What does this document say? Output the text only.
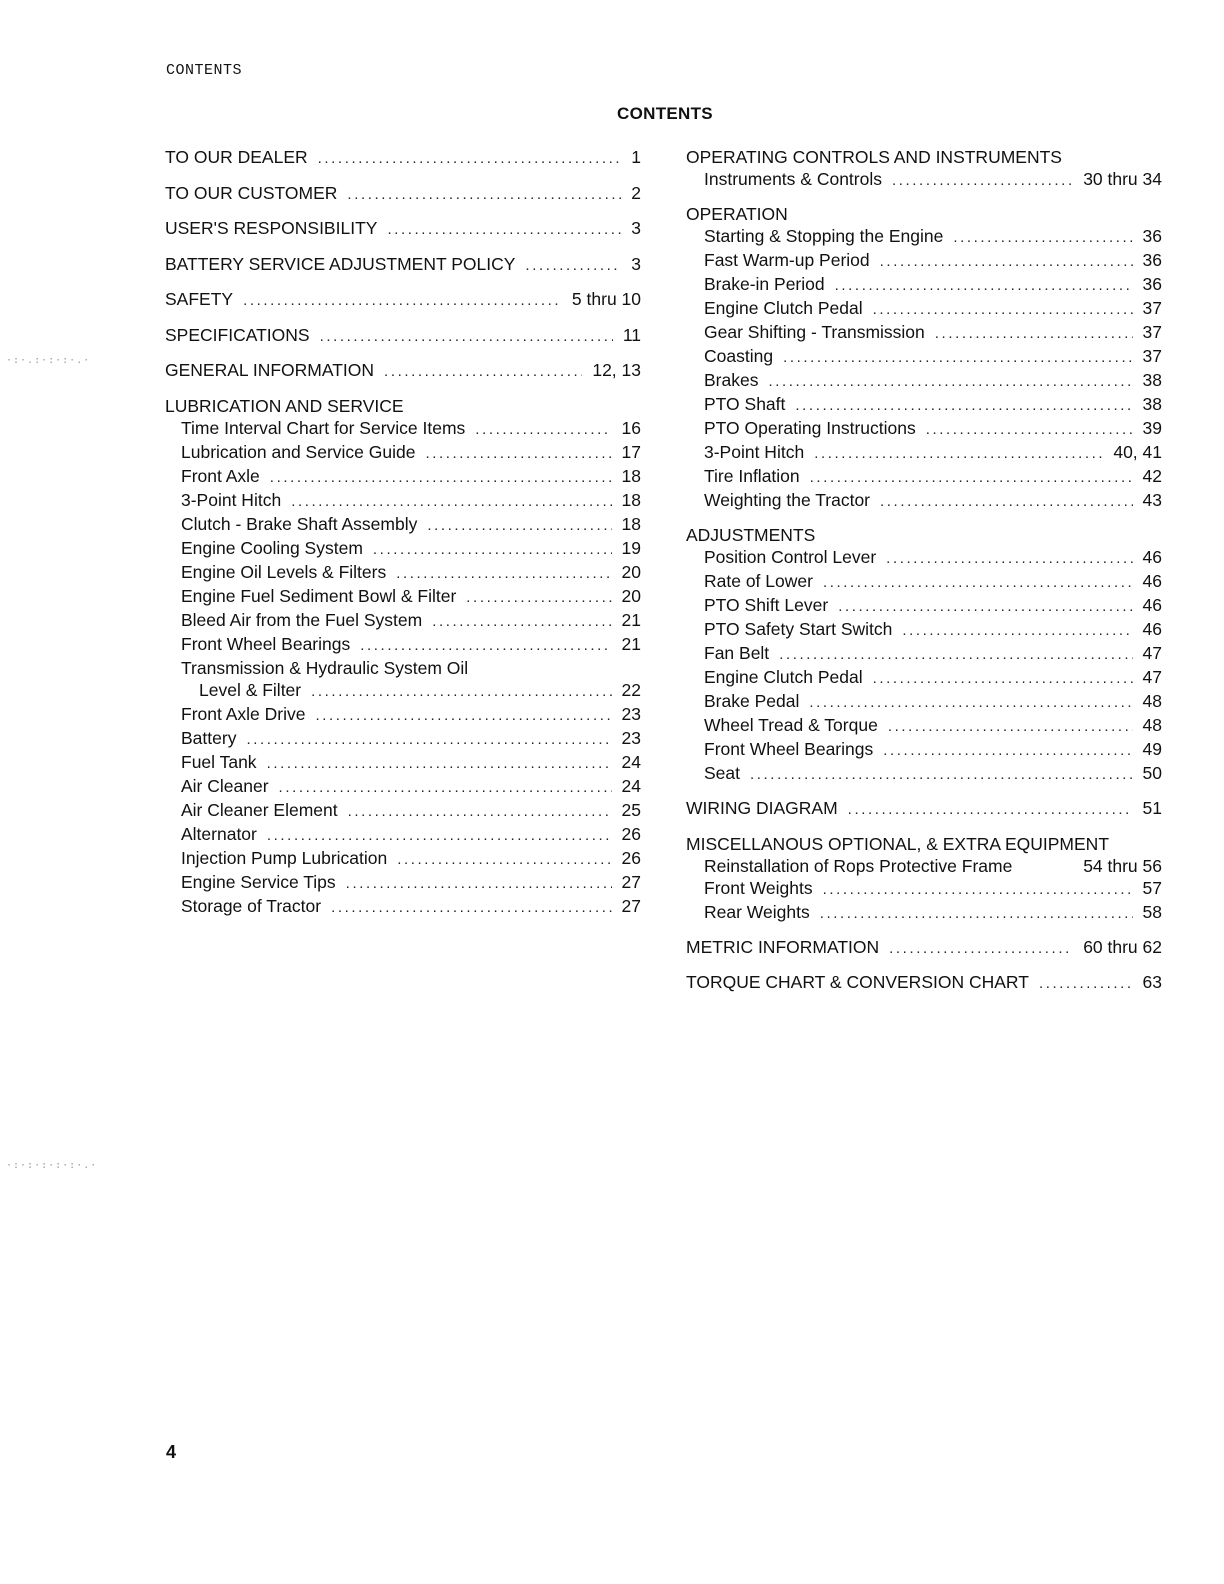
CONTENTS
CONTENTS
TO OUR DEALER .....	1
TO OUR CUSTOMER .....	2
USER'S RESPONSIBILITY .....	3
BATTERY SERVICE ADJUSTMENT POLICY .....	3
SAFETY .....	5 thru 10
SPECIFICATIONS .....	11
GENERAL INFORMATION .....	12, 13
LUBRICATION AND SERVICE
Time Interval Chart for Service Items .....	16
Lubrication and Service Guide .....	17
Front Axle .....	18
3-Point Hitch .....	18
Clutch - Brake Shaft Assembly .....	18
Engine Cooling System .....	19
Engine Oil Levels & Filters .....	20
Engine Fuel Sediment Bowl & Filter .....	20
Bleed Air from the Fuel System .....	21
Front Wheel Bearings .....	21
Transmission & Hydraulic System Oil
Level & Filter .....	22
Front Axle Drive .....	23
Battery .....	23
Fuel Tank .....	24
Air Cleaner .....	24
Air Cleaner Element .....	25
Alternator .....	26
Injection Pump Lubrication .....	26
Engine Service Tips .....	27
Storage of Tractor .....	27
OPERATING CONTROLS AND INSTRUMENTS
Instruments & Controls .....	30 thru 34
OPERATION
Starting & Stopping the Engine .....	36
Fast Warm-up Period .....	36
Brake-in Period .....	36
Engine Clutch Pedal .....	37
Gear Shifting - Transmission .....	37
Coasting .....	37
Brakes .....	38
PTO Shaft .....	38
PTO Operating Instructions .....	39
3-Point Hitch .....	40, 41
Tire Inflation .....	42
Weighting the Tractor .....	43
ADJUSTMENTS
Position Control Lever .....	46
Rate of Lower .....	46
PTO Shift Lever .....	46
PTO Safety Start Switch .....	46
Fan Belt .....	47
Engine Clutch Pedal .....	47
Brake Pedal .....	48
Wheel Tread & Torque .....	48
Front Wheel Bearings .....	49
Seat .....	50
WIRING DIAGRAM .....	51
MISCELLANOUS OPTIONAL, & EXTRA EQUIPMENT
Reinstallation of Rops Protective Frame	54 thru 56
Front Weights .....	57
Rear Weights .....	58
METRIC INFORMATION .....	60 thru 62
TORQUE CHART & CONVERSION CHART .....	63
4
·:·.:·:·:·.·
·:·:·:·:·:·.·
